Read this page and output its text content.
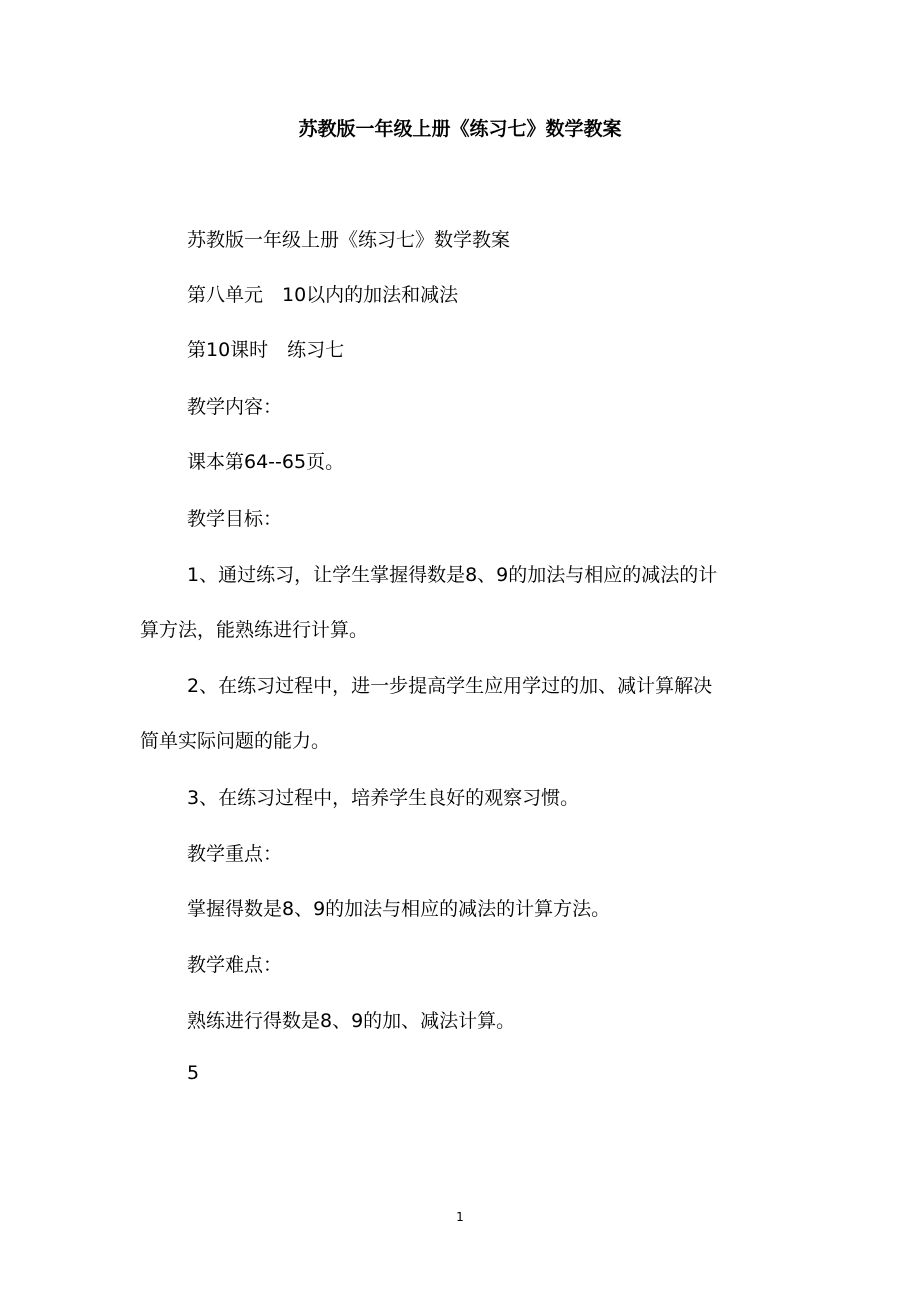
苏教版一年级上册《练习七》数学教案
苏教版一年级上册《练习七》数学教案
第八单元　10以内的加法和减法
第10课时　练习七
教学内容：
课本第64--65页。
教学目标：
1、通过练习，让学生掌握得数是8、9的加法与相应的减法的计
算方法，能熟练进行计算。
2、在练习过程中，进一步提高学生应用学过的加、减计算解决
简单实际问题的能力。
3、在练习过程中，培养学生良好的观察习惯。
教学重点：
掌握得数是8、9的加法与相应的减法的计算方法。
教学难点：
熟练进行得数是8、9的加、减法计算。
5
1
